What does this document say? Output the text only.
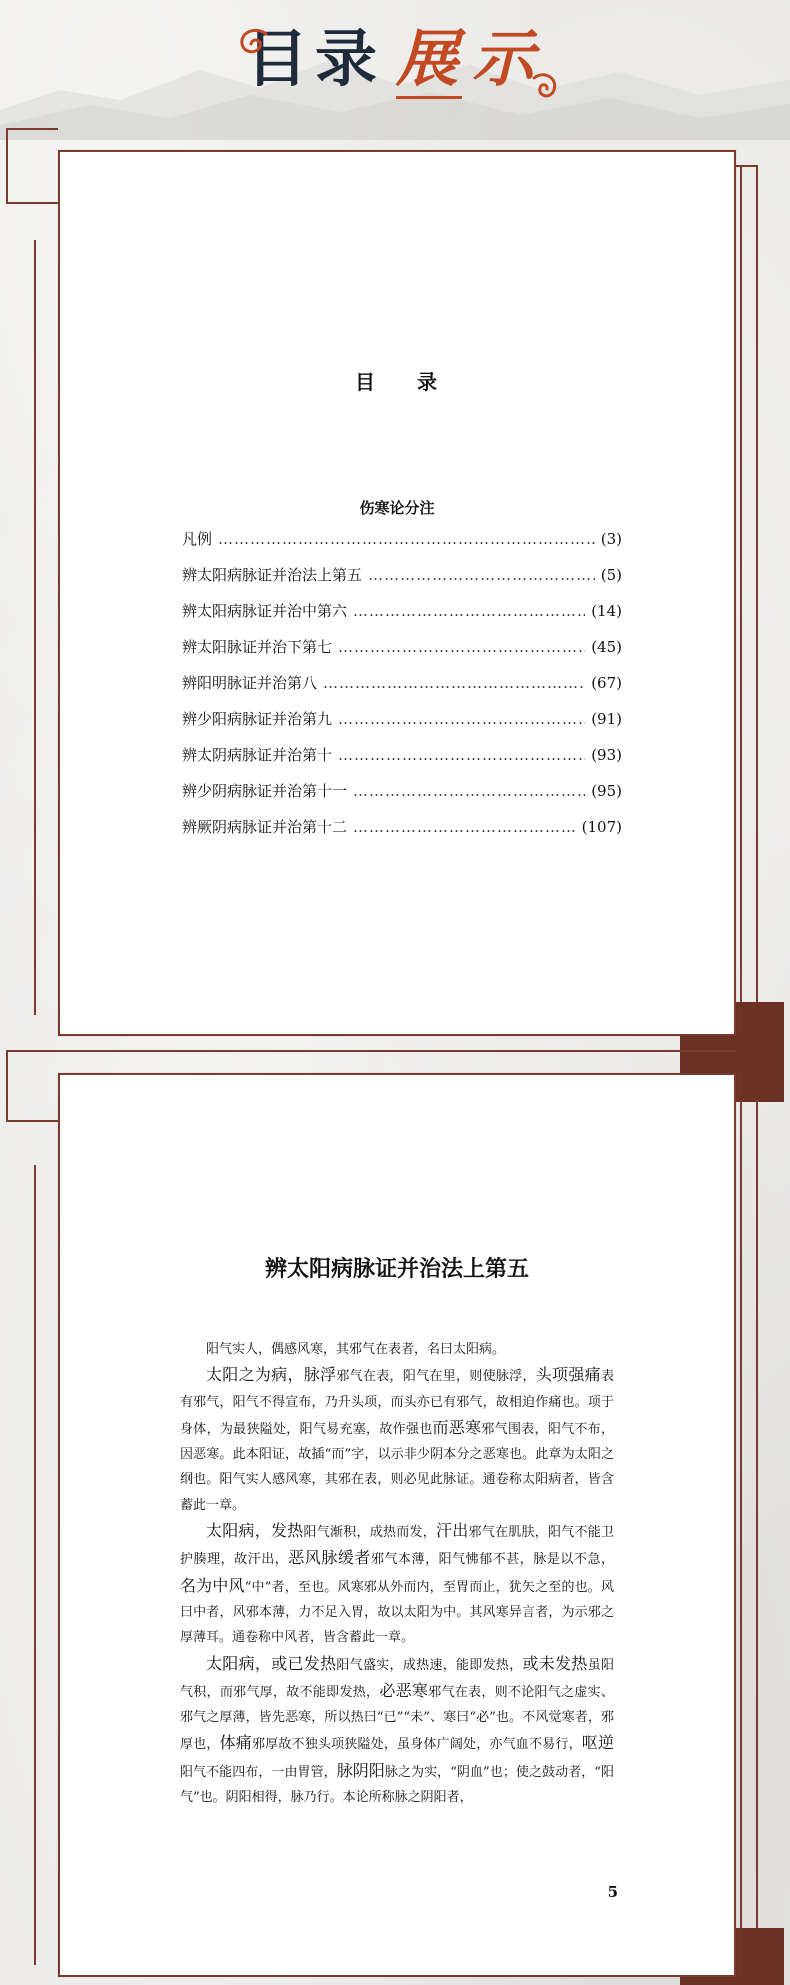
目 录 展 示
目 录
伤寒论分注
凡例 ………………………………………………………………………………………………………………	(3)
辨太阳病脉证并治法上第五 ………………………………………………………………………………………………………………	(5)
辨太阳病脉证并治中第六 ………………………………………………………………………………………………………………	(14)
辨太阳脉证并治下第七 ………………………………………………………………………………………………………………	(45)
辨阳明脉证并治第八 ………………………………………………………………………………………………………………	(67)
辨少阳病脉证并治第九 ………………………………………………………………………………………………………………	(91)
辨太阴病脉证并治第十 ………………………………………………………………………………………………………………	(93)
辨少阴病脉证并治第十一 ………………………………………………………………………………………………………………	(95)
辨厥阴病脉证并治第十二 ………………………………………………………………………………………………………………	(107)
辨太阳病脉证并治法上第五

阳气实人，偶感风寒，其邪气在表者，名曰太阳病。

太阳之为病，脉浮邪气在表，阳气在里，则使脉浮，头项强痛表有邪气，阳气不得宣布，乃升头项，而头亦已有邪气，故相迫作痛也。项于身体，为最狭隘处，阳气易充塞，故作强也而恶寒邪气围表，阳气不布，因恶寒。此本阳证，故插“而”字，以示非少阴本分之恶寒也。此章为太阳之纲也。阳气实人感风寒，其邪在表，则必见此脉证。通卷称太阳病者，皆含蓄此一章。

太阳病，发热阳气渐积，成热而发，汗出邪气在肌肤，阳气不能卫护腠理，故汗出，恶风脉缓者邪气本薄，阳气怫郁不甚，脉是以不急，名为中风“中”者，至也。风寒邪从外而内，至胃而止，犹矢之至的也。风曰中者，风邪本薄，力不足入胃，故以太阳为中。其风寒异言者，为示邪之厚薄耳。通卷称中风者，皆含蓄此一章。

太阳病，或已发热阳气盛实，成热速，能即发热，或未发热虽阳气积，而邪气厚，故不能即发热，必恶寒邪气在表，则不论阳气之虚实、邪气之厚薄，皆先恶寒，所以热曰“已”“未”、寒曰“必”也。不风觉寒者，邪厚也，体痛邪厚故不独头项狭隘处，虽身体广阔处，亦气血不易行，呕逆阳气不能四布，一由胃管，脉阴阳脉之为实，“阴血”也；使之鼓动者，“阳气”也。阴阳相得，脉乃行。本论所称脉之阴阳者，

5
